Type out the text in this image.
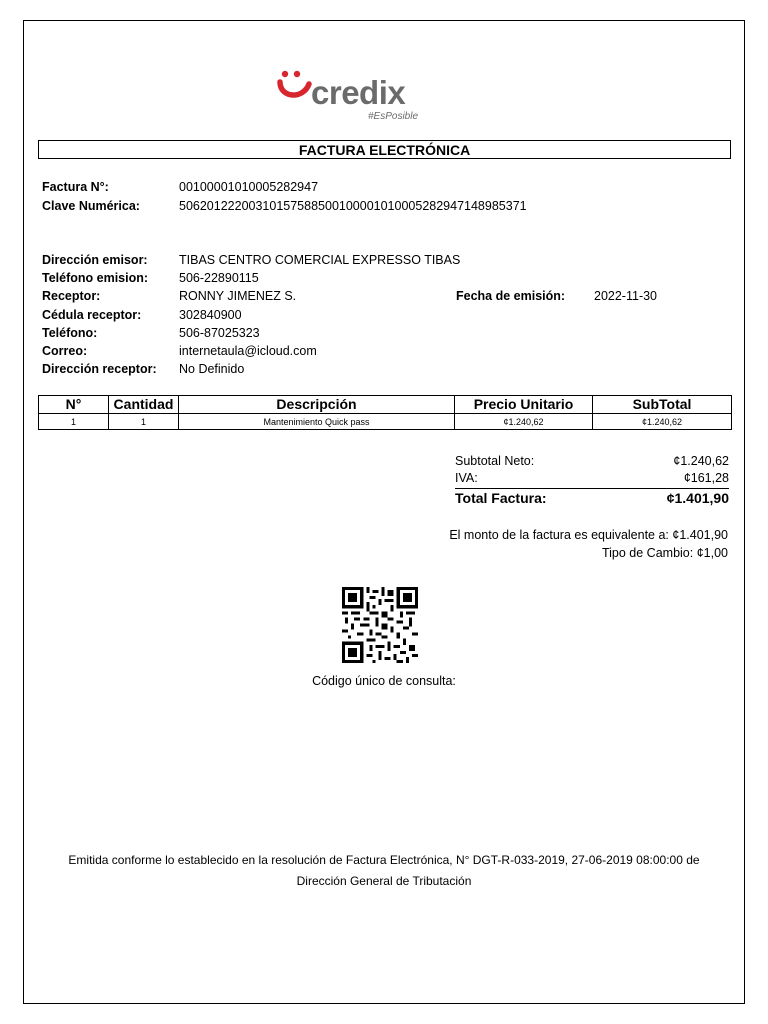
credix
#EsPosible
FACTURA ELECTRÓNICA
Factura N°:	00100001010005282947
Clave Numérica:	50620122200310157588500100001010005282947148985371
Dirección emisor:	TIBAS CENTRO COMERCIAL EXPRESSO TIBAS
Teléfono emision: 506-22890115
Receptor:	RONNY JIMENEZ S.	Fecha de emisión: 2022-11-30
Cédula receptor:	302840900
Teléfono:	506-87025323
Correo:	internetaula@icloud.com
Dirección receptor: No Definido
N°	Cantidad	Descripción	Precio Unitario	SubTotal
1	1	Mantenimiento Quick pass	¢1.240,62	¢1.240,62
Subtotal Neto:	¢1.240,62
IVA:	¢161,28
Total Factura:	¢1.401,90
El monto de la factura es equivalente a: ¢1.401,90
Tipo de Cambio: ¢1,00
Código único de consulta:
Emitida conforme lo establecido en la resolución de Factura Electrónica, N° DGT-R-033-2019, 27-06-2019 08:00:00 de
Dirección General de Tributación
